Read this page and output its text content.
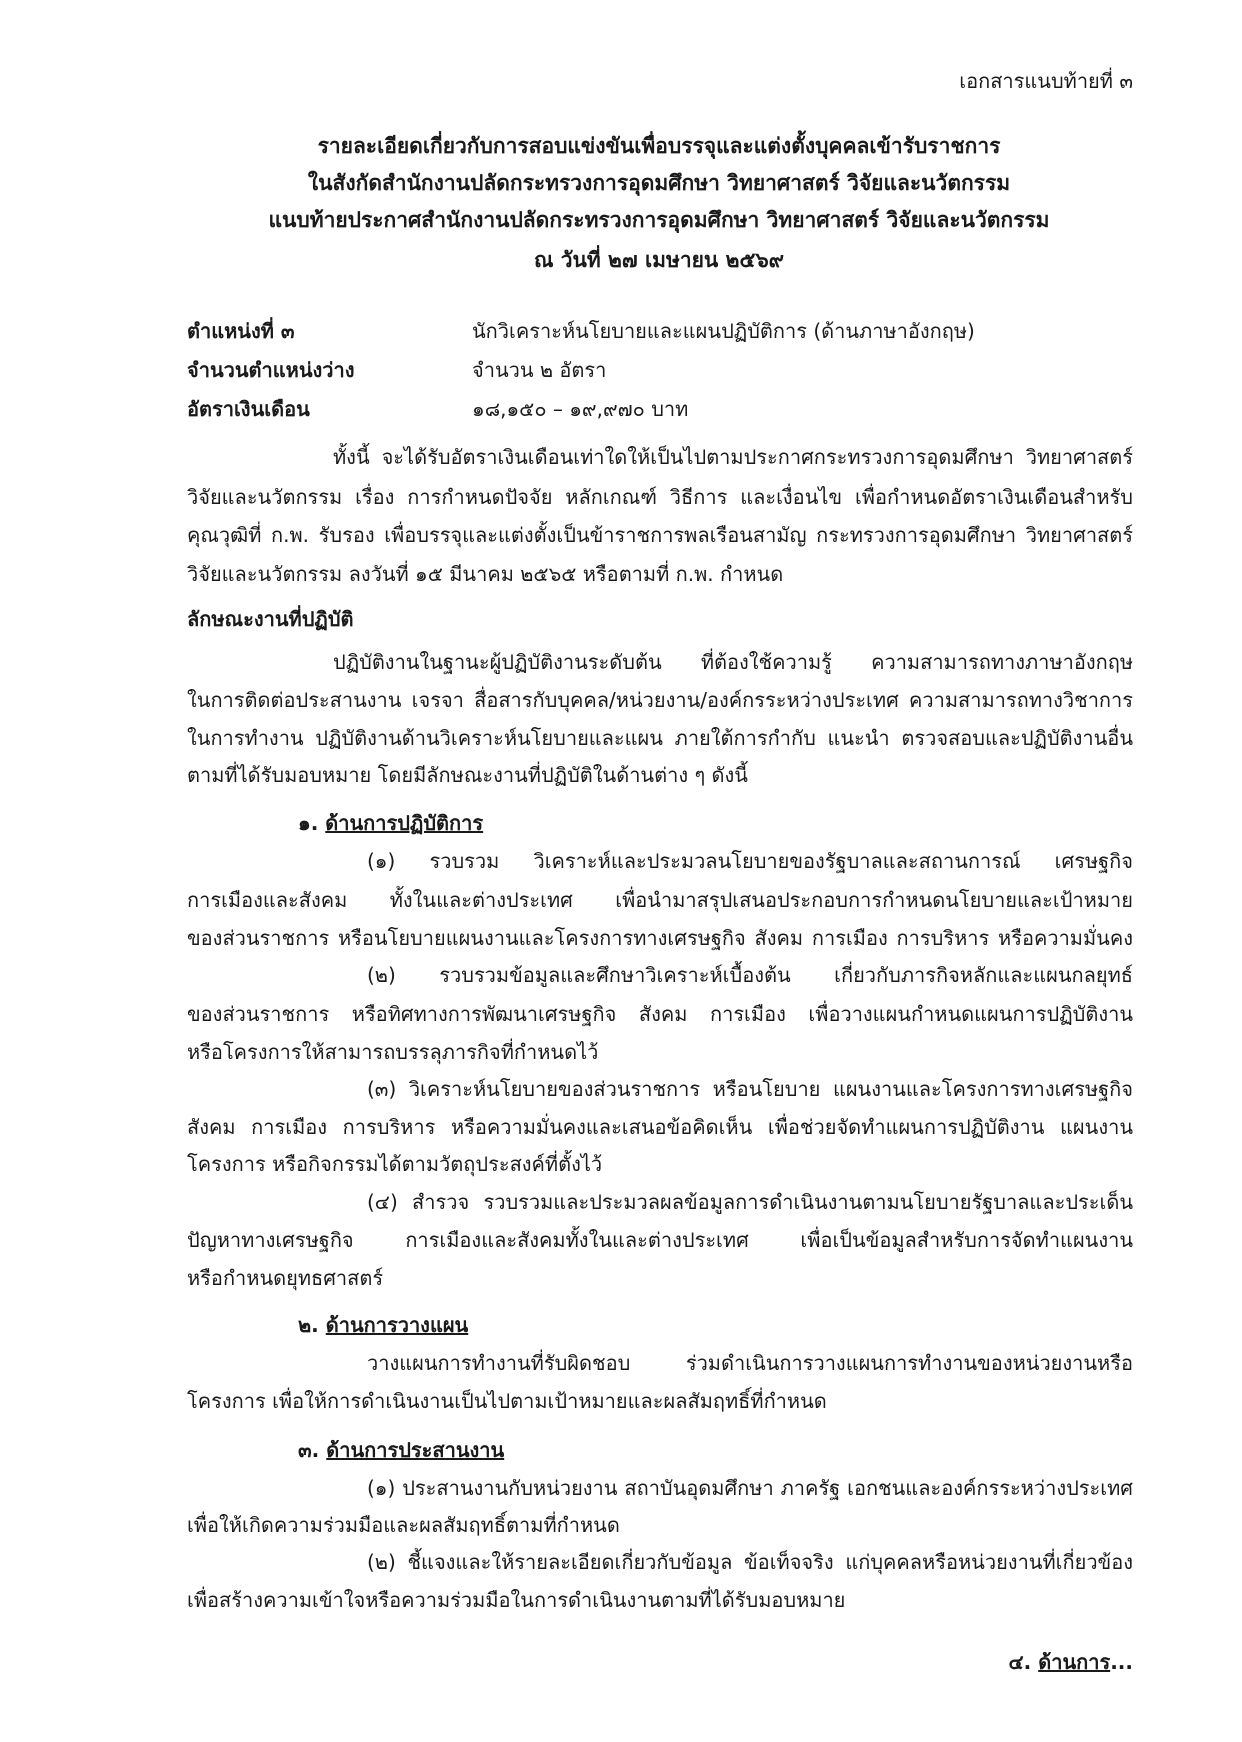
เอกสารแนบท้ายที่ ๓
รายละเอียดเกี่ยวกับการสอบแข่งขันเพื่อบรรจุและแต่งตั้งบุคคลเข้ารับราชการ
ในสังกัดสำนักงานปลัดกระทรวงการอุดมศึกษา วิทยาศาสตร์ วิจัยและนวัตกรรม
แนบท้ายประกาศสำนักงานปลัดกระทรวงการอุดมศึกษา วิทยาศาสตร์ วิจัยและนวัตกรรม
ณ วันที่ ๒๗ เมษายน ๒๕๖๙
ตำแหน่งที่ ๓	นักวิเคราะห์นโยบายและแผนปฏิบัติการ (ด้านภาษาอังกฤษ)
จำนวนตำแหน่งว่าง	จำนวน ๒ อัตรา
อัตราเงินเดือน	๑๘,๑๕๐ – ๑๙,๙๗๐ บาท
ทั้งนี้ จะได้รับอัตราเงินเดือนเท่าใดให้เป็นไปตามประกาศกระทรวงการอุดมศึกษา วิทยาศาสตร์
วิจัยและนวัตกรรม เรื่อง การกำหนดปัจจัย หลักเกณฑ์ วิธีการ และเงื่อนไข เพื่อกำหนดอัตราเงินเดือนสำหรับ
คุณวุฒิที่ ก.พ. รับรอง เพื่อบรรจุและแต่งตั้งเป็นข้าราชการพลเรือนสามัญ กระทรวงการอุดมศึกษา วิทยาศาสตร์
วิจัยและนวัตกรรม ลงวันที่ ๑๕ มีนาคม ๒๕๖๕ หรือตามที่ ก.พ. กำหนด
ลักษณะงานที่ปฏิบัติ
ปฏิบัติงานในฐานะผู้ปฏิบัติงานระดับต้น ที่ต้องใช้ความรู้ ความสามารถทางภาษาอังกฤษ
ในการติดต่อประสานงาน เจรจา สื่อสารกับบุคคล/หน่วยงาน/องค์กรระหว่างประเทศ ความสามารถทางวิชาการ
ในการทำงาน ปฏิบัติงานด้านวิเคราะห์นโยบายและแผน ภายใต้การกำกับ แนะนำ ตรวจสอบและปฏิบัติงานอื่น
ตามที่ได้รับมอบหมาย โดยมีลักษณะงานที่ปฏิบัติในด้านต่าง ๆ ดังนี้
๑. ด้านการปฏิบัติการ
(๑) รวบรวม วิเคราะห์และประมวลนโยบายของรัฐบาลและสถานการณ์ เศรษฐกิจ
การเมืองและสังคม ทั้งในและต่างประเทศ เพื่อนำมาสรุปเสนอประกอบการกำหนดนโยบายและเป้าหมาย
ของส่วนราชการ หรือนโยบายแผนงานและโครงการทางเศรษฐกิจ สังคม การเมือง การบริหาร หรือความมั่นคง
(๒) รวบรวมข้อมูลและศึกษาวิเคราะห์เบื้องต้น เกี่ยวกับภารกิจหลักและแผนกลยุทธ์
ของส่วนราชการ หรือทิศทางการพัฒนาเศรษฐกิจ สังคม การเมือง เพื่อวางแผนกำหนดแผนการปฏิบัติงาน
หรือโครงการให้สามารถบรรลุภารกิจที่กำหนดไว้
(๓) วิเคราะห์นโยบายของส่วนราชการ หรือนโยบาย แผนงานและโครงการทางเศรษฐกิจ
สังคม การเมือง การบริหาร หรือความมั่นคงและเสนอข้อคิดเห็น เพื่อช่วยจัดทำแผนการปฏิบัติงาน แผนงาน
โครงการ หรือกิจกรรมได้ตามวัตถุประสงค์ที่ตั้งไว้
(๔) สำรวจ รวบรวมและประมวลผลข้อมูลการดำเนินงานตามนโยบายรัฐบาลและประเด็น
ปัญหาทางเศรษฐกิจ การเมืองและสังคมทั้งในและต่างประเทศ เพื่อเป็นข้อมูลสำหรับการจัดทำแผนงาน
หรือกำหนดยุทธศาสตร์
๒. ด้านการวางแผน
วางแผนการทำงานที่รับผิดชอบ ร่วมดำเนินการวางแผนการทำงานของหน่วยงานหรือ
โครงการ เพื่อให้การดำเนินงานเป็นไปตามเป้าหมายและผลสัมฤทธิ์ที่กำหนด
๓. ด้านการประสานงาน
(๑) ประสานงานกับหน่วยงาน สถาบันอุดมศึกษา ภาครัฐ เอกชนและองค์กรระหว่างประเทศ
เพื่อให้เกิดความร่วมมือและผลสัมฤทธิ์ตามที่กำหนด
(๒) ชี้แจงและให้รายละเอียดเกี่ยวกับข้อมูล ข้อเท็จจริง แก่บุคคลหรือหน่วยงานที่เกี่ยวข้อง
เพื่อสร้างความเข้าใจหรือความร่วมมือในการดำเนินงานตามที่ได้รับมอบหมาย
๔. ด้านการ...
